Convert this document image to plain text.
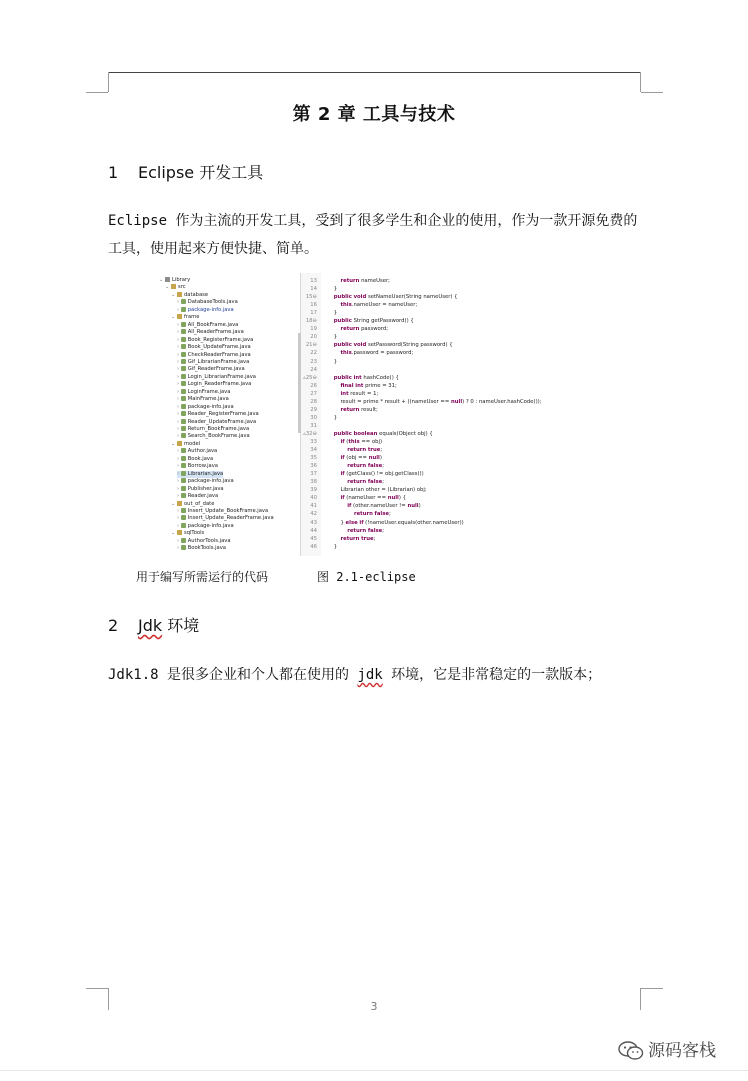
第 2 章 工具与技术
1 Eclipse 开发工具
Eclipse 作为主流的开发工具，受到了很多学生和企业的使用，作为一款开源免费的工具，使用起来方便快捷、简单。
⌄ Library
⌄ src
⌄ database
› DatabaseTools.java
› package-info.java
⌄ frame
› All_BookFrame.java
› All_ReaderFrame.java
› Book_RegisterFrame.java
› Book_UpdateFrame.java
› CheckReaderFrame.java
› Gif_LibrarianFrame.java
› Gif_ReaderFrame.java
› Login_LibrarianFrame.java
› Login_ReaderFrame.java
› LoginFrame.java
› MainFrame.java
› package-info.java
› Reader_RegisterFrame.java
› Reader_UpdateFrame.java
› Return_BookFrame.java
› Search_BookFrame.java
⌄ model
› Author.java
› Book.java
› Borrow.java
› Librarian.java
› package-info.java
› Publisher.java
› Reader.java
⌄ out_of_date
› Insert_Update_BookFrame.java
› Insert_Update_ReaderFrame.java
› package-info.java
⌄ sqlTools
› AuthorTools.java
› BookTools.java
13	return nameUser;
14    }
15⊖	public void setNameUser(String nameUser) {
16	this.nameUser = nameUser;
17    }
18⊖	public String getPassword() {
19	return password;
20    }
21⊖	public void setPassword(String password) {
22	this.password = password;
23    }
24
▵25⊖	public int hashCode() {
26	final int prime = 31;
27	int result = 1;
28        result = prime * result + ((nameUser == null) ? 0 : nameUser.hashCode());
29	return result;
30    }
31
▵32⊖	public boolean equals(Object obj) {
33	if (this == obj)
34	return true;
35	if (obj == null)
36	return false;
37	if (getClass() != obj.getClass())
38	return false;
39        Librarian other = (Librarian) obj;
40	if (nameUser == null) {
41	if (other.nameUser != null)
42	return false;
43        } else if (!nameUser.equals(other.nameUser))
44	return false;
45	return true;
46    }
用于编写所需运行的代码	图 2.1-eclipse
2 Jdk 环境
Jdk1.8 是很多企业和个人都在使用的 jdk 环境，它是非常稳定的一款版本；
3
源码客栈
